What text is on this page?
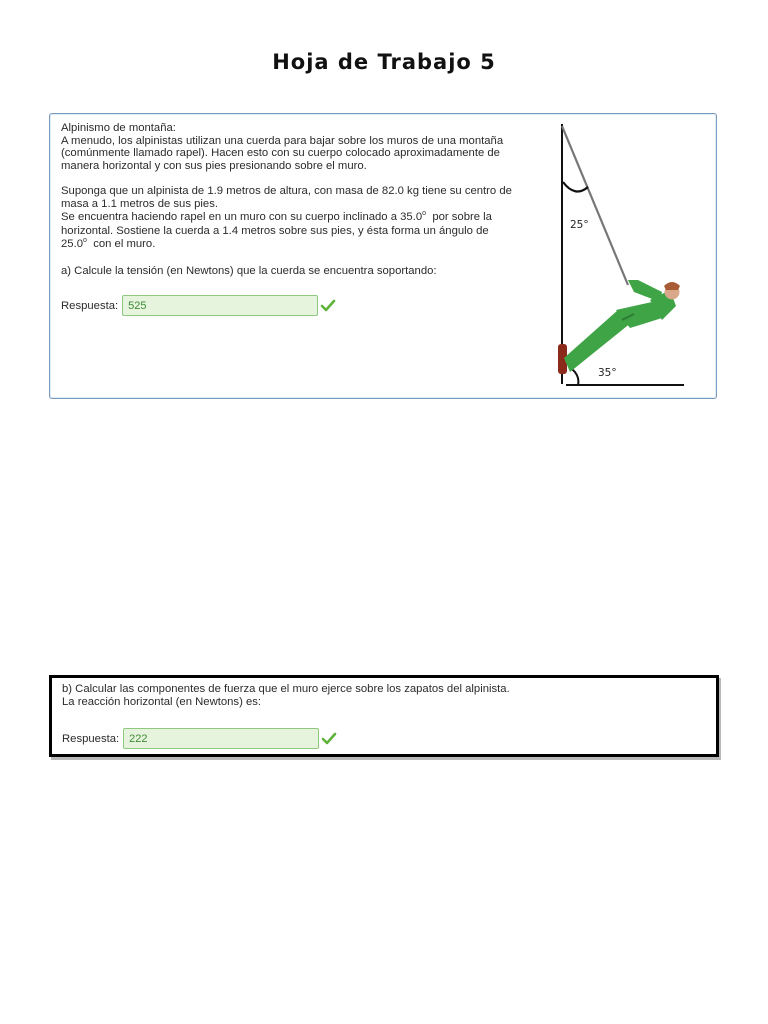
Hoja de Trabajo 5

Alpinismo de montaña:

A menudo, los alpinistas utilizan una cuerda para bajar sobre los muros de una montaña

(comúnmente llamado rapel). Hacen esto con su cuerpo colocado aproximadamente de

manera horizontal y con sus pies presionando sobre el muro.

Suponga que un alpinista de 1.9 metros de altura, con masa de 82.0 kg tiene su centro de

masa a 1.1 metros de sus pies.

Se encuentra haciendo rapel en un muro con su cuerpo inclinado a 35.0$^o$ por sobre la

horizontal. Sostiene la cuerda a 1.4 metros sobre sus pies, y ésta forma un ángulo de

25.0$^o$ con el muro.

a) Calcule la tensión (en Newtons) que la cuerda se encuentra soportando:

Respuesta: 525
25°
35°

b) Calcular las componentes de fuerza que el muro ejerce sobre los zapatos del alpinista.

La reacción horizontal (en Newtons) es:

Respuesta: 222
